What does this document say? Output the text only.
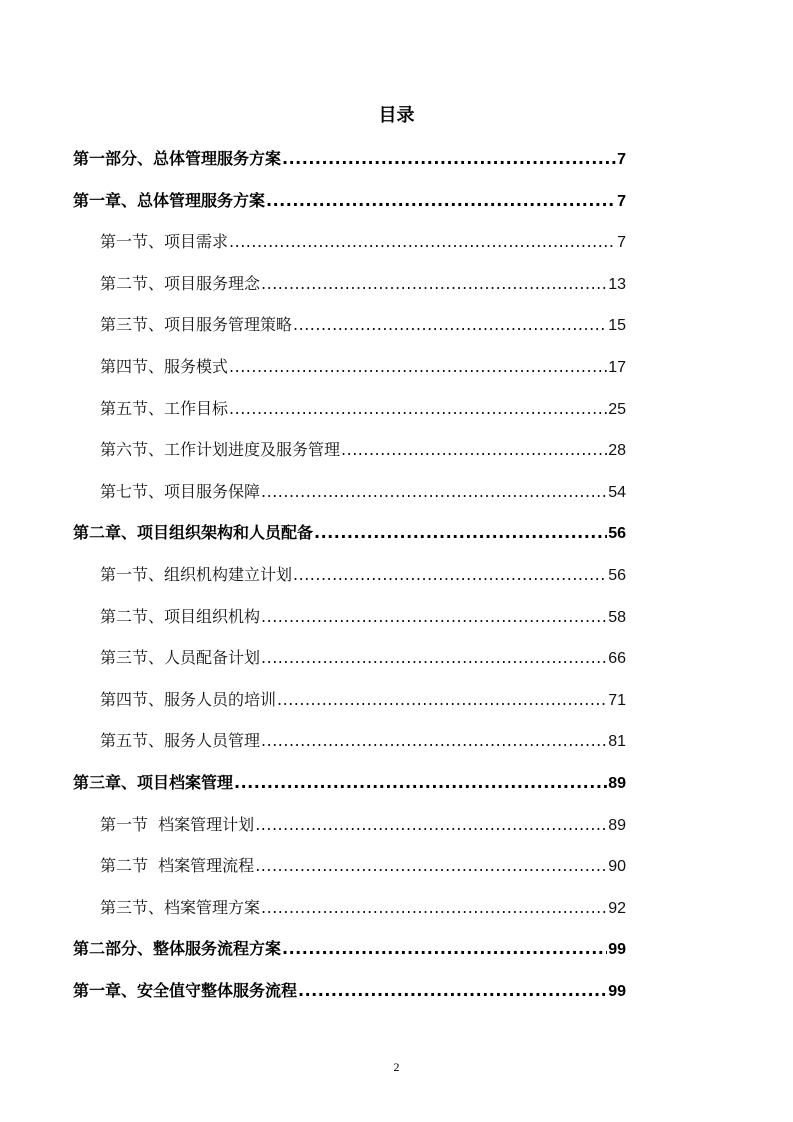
目录
第一部分、总体管理服务方案 .....	7
第一章、总体管理服务方案 .....	7
第一节、项目需求 .....	7
第二节、项目服务理念 .....	13
第三节、项目服务管理策略 .....	15
第四节、服务模式 .....	17
第五节、工作目标 .....	25
第六节、工作计划进度及服务管理 .....	28
第七节、项目服务保障 .....	54
第二章、项目组织架构和人员配备 .....	56
第一节、组织机构建立计划 .....	56
第二节、项目组织机构 .....	58
第三节、人员配备计划 .....	66
第四节、服务人员的培训 .....	71
第五节、服务人员管理 .....	81
第三章、项目档案管理 .....	89
第一节  档案管理计划 .....	89
第二节  档案管理流程 .....	90
第三节、档案管理方案 .....	92
第二部分、整体服务流程方案 .....	99
第一章、安全值守整体服务流程 .....	99
2
